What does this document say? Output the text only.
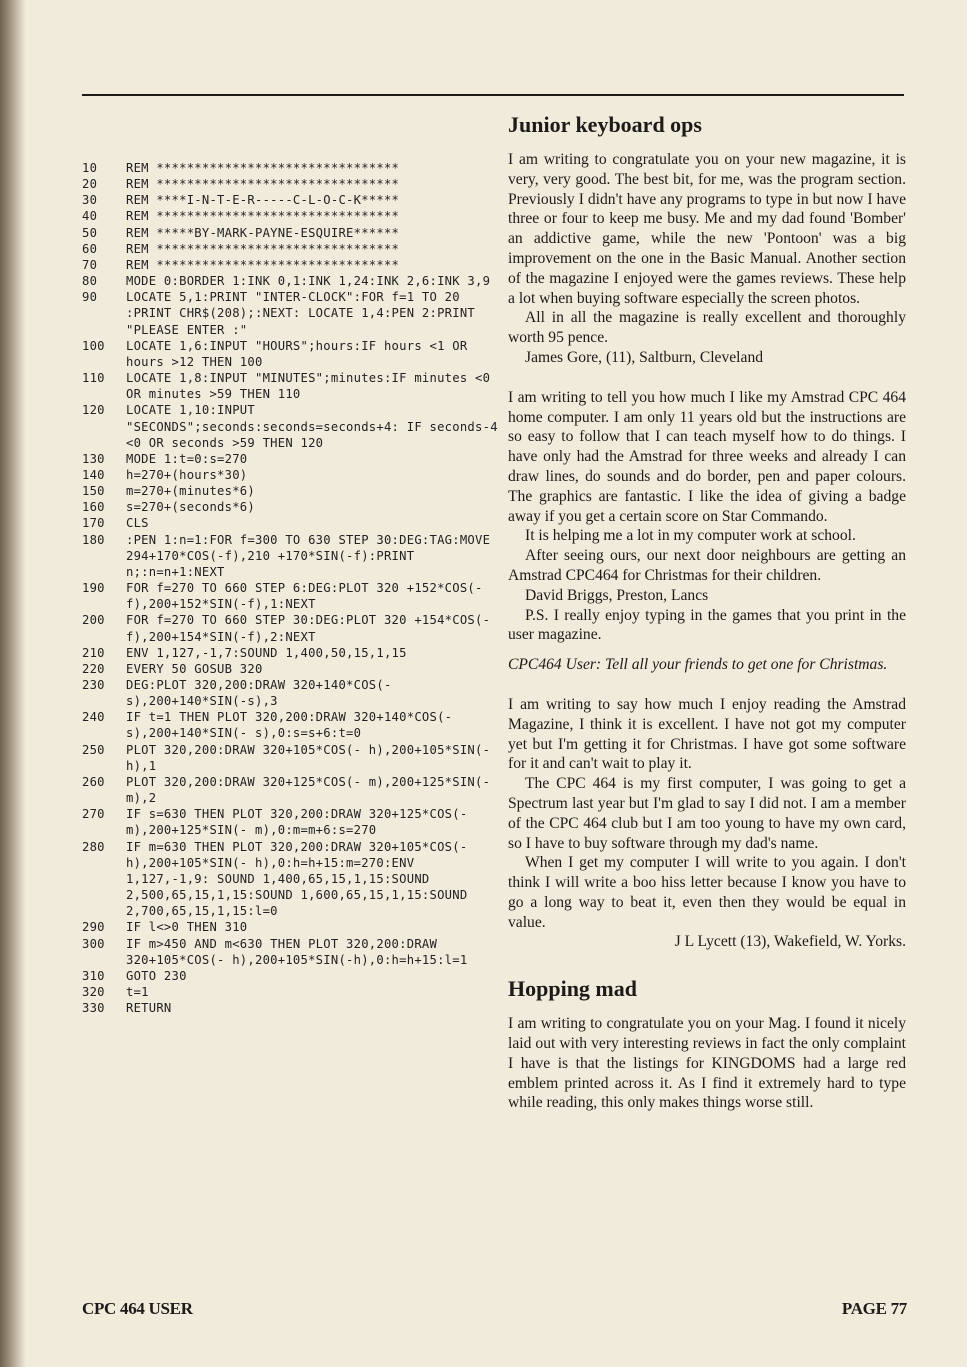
10	REM ********************************
20	REM ********************************
30	REM ****I-N-T-E-R-----C-L-O-C-K*****
40	REM ********************************
50	REM *****BY-MARK-PAYNE-ESQUIRE******
60	REM ********************************
70	REM ********************************
80	MODE 0:BORDER 1:INK 0,1:INK 1,24:INK 2,6:INK 3,9
90	LOCATE 5,1:PRINT "INTER-CLOCK":FOR f=1 TO 20 :PRINT CHR$(208);:NEXT: LOCATE 1,4:PEN 2:PRINT "PLEASE ENTER :"
100	LOCATE 1,6:INPUT "HOURS";hours:IF hours <1 OR hours >12 THEN 100
110	LOCATE 1,8:INPUT "MINUTES";minutes:IF minutes <0 OR minutes >59 THEN 110
120	LOCATE 1,10:INPUT "SECONDS";seconds:seconds=seconds+4: IF seconds-4 <0 OR seconds >59 THEN 120
130	MODE 1:t=0:s=270
140	h=270+(hours*30)
150	m=270+(minutes*6)
160	s=270+(seconds*6)
170	CLS
180	:PEN 1:n=1:FOR f=300 TO 630 STEP 30:DEG:TAG:MOVE 294+170*COS(-f),210 +170*SIN(-f):PRINT n;:n=n+1:NEXT
190	FOR f=270 TO 660 STEP 6:DEG:PLOT 320 +152*COS(-f),200+152*SIN(-f),1:NEXT
200	FOR f=270 TO 660 STEP 30:DEG:PLOT 320 +154*COS(-f),200+154*SIN(-f),2:NEXT
210	ENV 1,127,-1,7:SOUND 1,400,50,15,1,15
220	EVERY 50 GOSUB 320
230	DEG:PLOT 320,200:DRAW 320+140*COS(- s),200+140*SIN(-s),3
240	IF t=1 THEN PLOT 320,200:DRAW 320+140*COS(-s),200+140*SIN(- s),0:s=s+6:t=0
250	PLOT 320,200:DRAW 320+105*COS(- h),200+105*SIN(-h),1
260	PLOT 320,200:DRAW 320+125*COS(- m),200+125*SIN(-m),2
270	IF s=630 THEN PLOT 320,200:DRAW 320+125*COS(-m),200+125*SIN(- m),0:m=m+6:s=270
280	IF m=630 THEN PLOT 320,200:DRAW 320+105*COS(-h),200+105*SIN(- h),0:h=h+15:m=270:ENV 1,127,-1,9: SOUND 1,400,65,15,1,15:SOUND 2,500,65,15,1,15:SOUND 1,600,65,15,1,15:SOUND 2,700,65,15,1,15:l=0
290	IF l<>0 THEN 310
300	IF m>450 AND m<630 THEN PLOT 320,200:DRAW 320+105*COS(- h),200+105*SIN(-h),0:h=h+15:l=1
310	GOTO 230
320	t=1
330	RETURN
Junior keyboard ops

I am writing to congratulate you on your new magazine, it is very, very good. The best bit, for me, was the program section. Previously I didn't have any programs to type in but now I have three or four to keep me busy. Me and my dad found 'Bomber' an addictive game, while the new 'Pontoon' was a big improvement on the one in the Basic Manual. Another section of the magazine I enjoyed were the games reviews. These help a lot when buying software especially the screen photos.

All in all the magazine is really excellent and thoroughly worth 95 pence.

James Gore, (11), Saltburn, Cleveland

I am writing to tell you how much I like my Amstrad CPC 464 home computer. I am only 11 years old but the instructions are so easy to follow that I can teach myself how to do things. I have only had the Amstrad for three weeks and already I can draw lines, do sounds and do border, pen and paper colours. The graphics are fantastic. I like the idea of giving a badge away if you get a certain score on Star Commando.

It is helping me a lot in my computer work at school.

After seeing ours, our next door neighbours are getting an Amstrad CPC464 for Christmas for their children.

David Briggs, Preston, Lancs

P.S. I really enjoy typing in the games that you print in the user magazine.

CPC464 User: Tell all your friends to get one for Christmas.

I am writing to say how much I enjoy reading the Amstrad Magazine, I think it is excellent. I have not got my computer yet but I'm getting it for Christmas. I have got some software for it and can't wait to play it.

The CPC 464 is my first computer, I was going to get a Spectrum last year but I'm glad to say I did not. I am a member of the CPC 464 club but I am too young to have my own card, so I have to buy software through my dad's name.

When I get my computer I will write to you again. I don't think I will write a boo hiss letter because I know you have to go a long way to beat it, even then they would be equal in value.

J L Lycett (13), Wakefield, W. Yorks.

Hopping mad

I am writing to congratulate you on your Mag. I found it nicely laid out with very interesting reviews in fact the only complaint I have is that the listings for KINGDOMS had a large red emblem printed across it. As I find it extremely hard to type while reading, this only makes things worse still.

CPC 464 USER	PAGE 77
